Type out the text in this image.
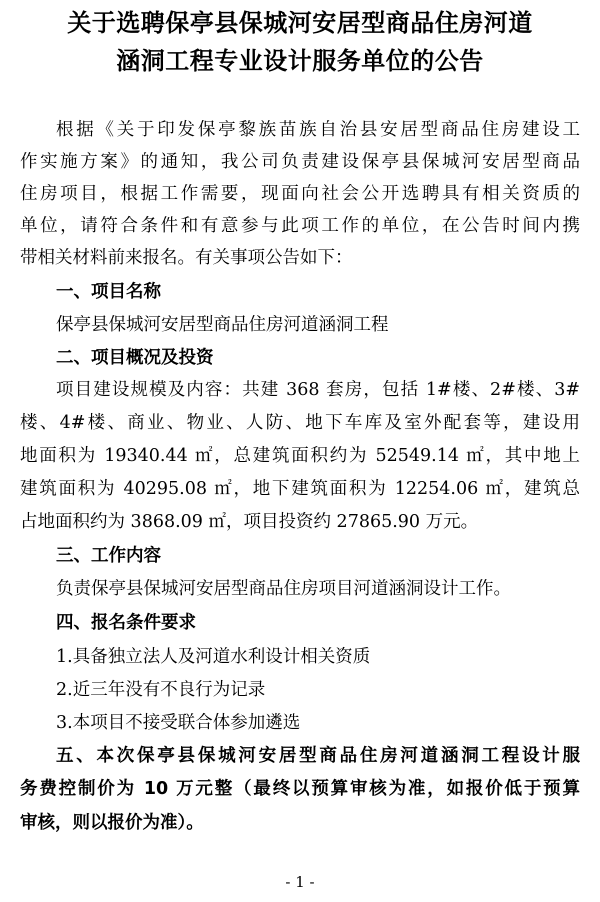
关于选聘保亭县保城河安居型商品住房河道
涵洞工程专业设计服务单位的公告

根据《关于印发保亭黎族苗族自治县安居型商品住房建设工

作实施方案》的通知，我公司负责建设保亭县保城河安居型商品

住房项目，根据工作需要，现面向社会公开选聘具有相关资质的

单位，请符合条件和有意参与此项工作的单位，在公告时间内携

带相关材料前来报名。有关事项公告如下：

一、项目名称

保亭县保城河安居型商品住房河道涵洞工程

二、项目概况及投资

项目建设规模及内容：共建 368 套房，包括 1#楼、2#楼、3#

楼、4#楼、商业、物业、人防、地下车库及室外配套等，建设用

地面积为 19340.44 ㎡，总建筑面积约为 52549.14 ㎡，其中地上

建筑面积为 40295.08 ㎡，地下建筑面积为 12254.06 ㎡，建筑总

占地面积约为 3868.09 ㎡，项目投资约 27865.90 万元。

三、工作内容

负责保亭县保城河安居型商品住房项目河道涵洞设计工作。

四、报名条件要求

1.具备独立法人及河道水利设计相关资质

2.近三年没有不良行为记录

3.本项目不接受联合体参加遴选

五、本次保亭县保城河安居型商品住房河道涵洞工程设计服

务费控制价为 10 万元整（最终以预算审核为准，如报价低于预算

审核，则以报价为准）。

- 1 -
